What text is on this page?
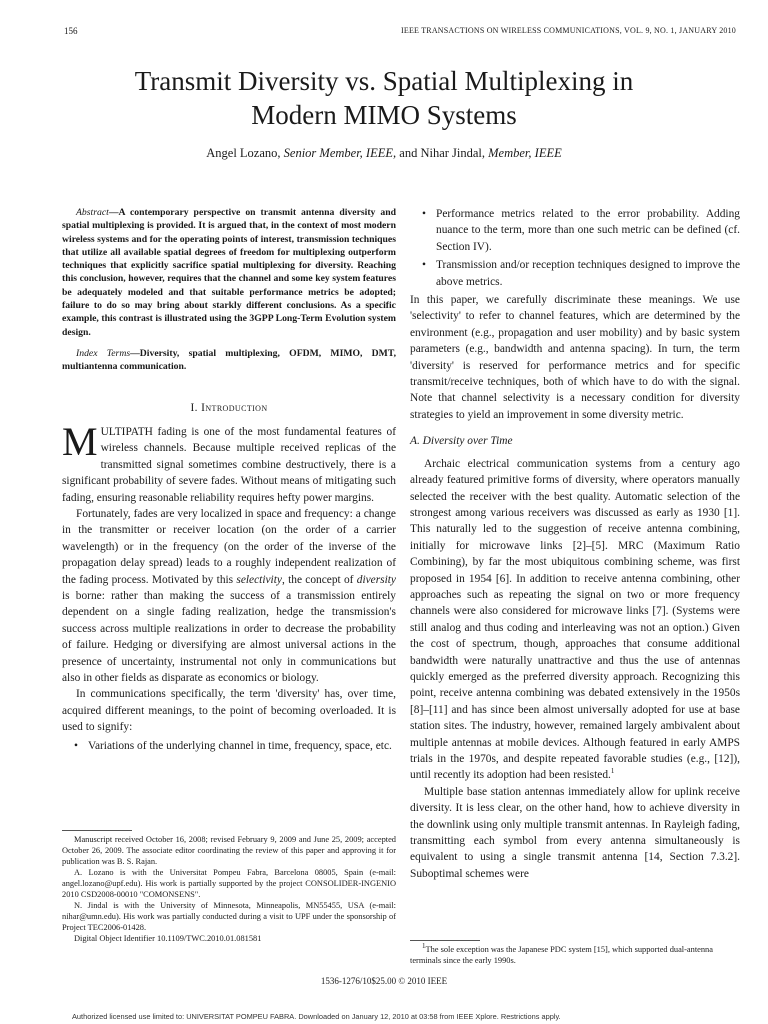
156	IEEE TRANSACTIONS ON WIRELESS COMMUNICATIONS, VOL. 9, NO. 1, JANUARY 2010
Transmit Diversity vs. Spatial Multiplexing in
Modern MIMO Systems
Angel Lozano, Senior Member, IEEE, and Nihar Jindal, Member, IEEE

Abstract—A contemporary perspective on transmit antenna diversity and spatial multiplexing is provided. It is argued that, in the context of most modern wireless systems and for the operating points of interest, transmission techniques that utilize all available spatial degrees of freedom for multiplexing outperform techniques that explicitly sacrifice spatial multiplexing for diversity. Reaching this conclusion, however, requires that the channel and some key system features be adequately modeled and that suitable performance metrics be adopted; failure to do so may bring about starkly different conclusions. As a specific example, this contrast is illustrated using the 3GPP Long-Term Evolution system design.

Index Terms—Diversity, spatial multiplexing, OFDM, MIMO, DMT, multiantenna communication.

I. Introduction

MULTIPATH fading is one of the most fundamental features of wireless channels. Because multiple received replicas of the transmitted signal sometimes combine destructively, there is a significant probability of severe fades. Without means of mitigating such fading, ensuring reasonable reliability requires hefty power margins.

Fortunately, fades are very localized in space and frequency: a change in the transmitter or receiver location (on the order of a carrier wavelength) or in the frequency (on the order of the inverse of the propagation delay spread) leads to a roughly independent realization of the fading process. Motivated by this selectivity, the concept of diversity is borne: rather than making the success of a transmission entirely dependent on a single fading realization, hedge the transmission's success across multiple realizations in order to decrease the probability of failure. Hedging or diversifying are almost universal actions in the presence of uncertainty, instrumental not only in communications but also in other fields as disparate as economics or biology.

In communications specifically, the term 'diversity' has, over time, acquired different meanings, to the point of becoming overloaded. It is used to signify:

• Variations of the underlying channel in time, frequency, space, etc.

Manuscript received October 16, 2008; revised February 9, 2009 and June 25, 2009; accepted October 26, 2009. The associate editor coordinating the review of this paper and approving it for publication was B. S. Rajan.

A. Lozano is with the Universitat Pompeu Fabra, Barcelona 08005, Spain (e-mail: angel.lozano@upf.edu). His work is partially supported by the project CONSOLIDER-INGENIO 2010 CSD2008-00010 "COMONSENS".

N. Jindal is with the University of Minnesota, Minneapolis, MN55455, USA (e-mail: nihar@umn.edu). His work was partially conducted during a visit to UPF under the sponsorship of Project TEC2006-01428.

Digital Object Identifier 10.1109/TWC.2010.01.081581

• Performance metrics related to the error probability. Adding nuance to the term, more than one such metric can be defined (cf. Section IV).
• Transmission and/or reception techniques designed to improve the above metrics.

In this paper, we carefully discriminate these meanings. We use 'selectivity' to refer to channel features, which are determined by the environment (e.g., propagation and user mobility) and by basic system parameters (e.g., bandwidth and antenna spacing). In turn, the term 'diversity' is reserved for performance metrics and for specific transmit/receive techniques, both of which have to do with the signal. Note that channel selectivity is a necessary condition for diversity strategies to yield an improvement in some diversity metric.

A. Diversity over Time

Archaic electrical communication systems from a century ago already featured primitive forms of diversity, where operators manually selected the receiver with the best quality. Automatic selection of the strongest among various receivers was discussed as early as 1930 [1]. This naturally led to the suggestion of receive antenna combining, initially for microwave links [2]–[5]. MRC (Maximum Ratio Combining), by far the most ubiquitous combining scheme, was first proposed in 1954 [6]. In addition to receive antenna combining, other approaches such as repeating the signal on two or more frequency channels were also considered for microwave links [7]. (Systems were still analog and thus coding and interleaving was not an option.) Given the cost of spectrum, though, approaches that consume additional bandwidth were naturally unattractive and thus the use of antennas quickly emerged as the preferred diversity approach. Recognizing this point, receive antenna combining was debated extensively in the 1950s [8]–[11] and has since been almost universally adopted for use at base station sites. The industry, however, remained largely ambivalent about multiple antennas at mobile devices. Although featured in early AMPS trials in the 1970s, and despite repeated favorable studies (e.g., [12]), until recently its adoption had been resisted.$^1$

Multiple base station antennas immediately allow for uplink receive diversity. It is less clear, on the other hand, how to achieve diversity in the downlink using only multiple transmit antennas. In Rayleigh fading, transmitting each symbol from every antenna simultaneously is equivalent to using a single transmit antenna [14, Section 7.3.2]. Suboptimal schemes were

$^1$The sole exception was the Japanese PDC system [15], which supported dual-antenna terminals since the early 1990s.
1536-1276/10$25.00 © 2010 IEEE
Authorized licensed use limited to: UNIVERSITAT POMPEU FABRA. Downloaded on January 12, 2010 at 03:58 from IEEE Xplore. Restrictions apply.
